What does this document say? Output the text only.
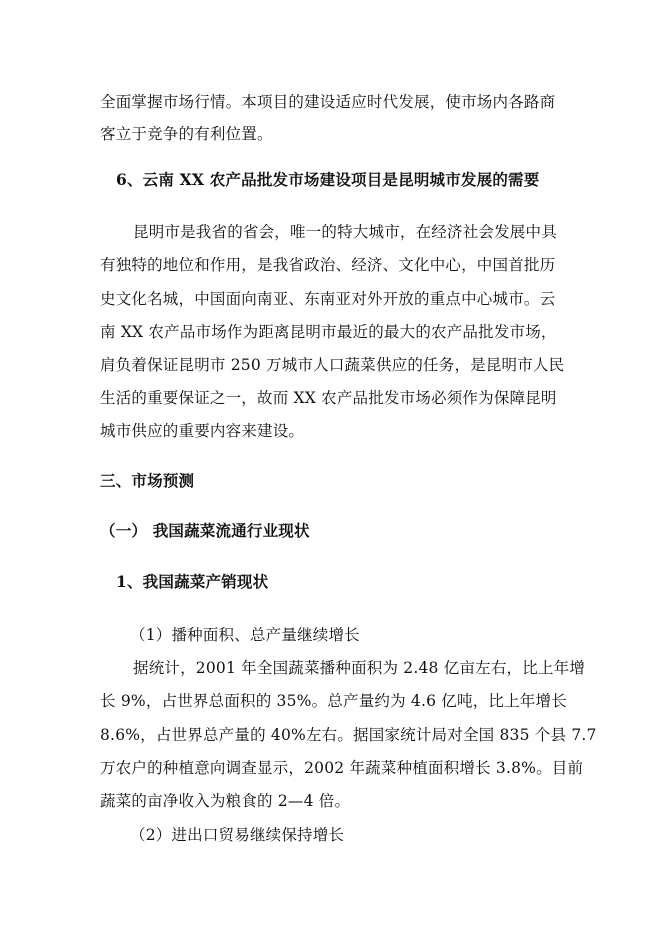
全面掌握市场行情。本项目的建设适应时代发展，使市场内各路商
客立于竞争的有利位置。
6、云南 XX 农产品批发市场建设项目是昆明城市发展的需要
昆明市是我省的省会，唯一的特大城市，在经济社会发展中具
有独特的地位和作用，是我省政治、经济、文化中心，中国首批历
史文化名城，中国面向南亚、东南亚对外开放的重点中心城市。云
南 XX 农产品市场作为距离昆明市最近的最大的农产品批发市场，
肩负着保证昆明市 250 万城市人口蔬菜供应的任务，是昆明市人民
生活的重要保证之一，故而 XX 农产品批发市场必须作为保障昆明
城市供应的重要内容来建设。
三、市场预测
（一） 我国蔬菜流通行业现状
1、我国蔬菜产销现状
（1）播种面积、总产量继续增长
据统计，2001 年全国蔬菜播种面积为 2.48 亿亩左右，比上年增
长 9%，占世界总面积的 35%。总产量约为 4.6 亿吨，比上年增长
8.6%，占世界总产量的 40%左右。据国家统计局对全国 835 个县 7.7
万农户的种植意向调查显示，2002 年蔬菜种植面积增长 3.8%。目前
蔬菜的亩净收入为粮食的 2—4 倍。
（2）进出口贸易继续保持增长
